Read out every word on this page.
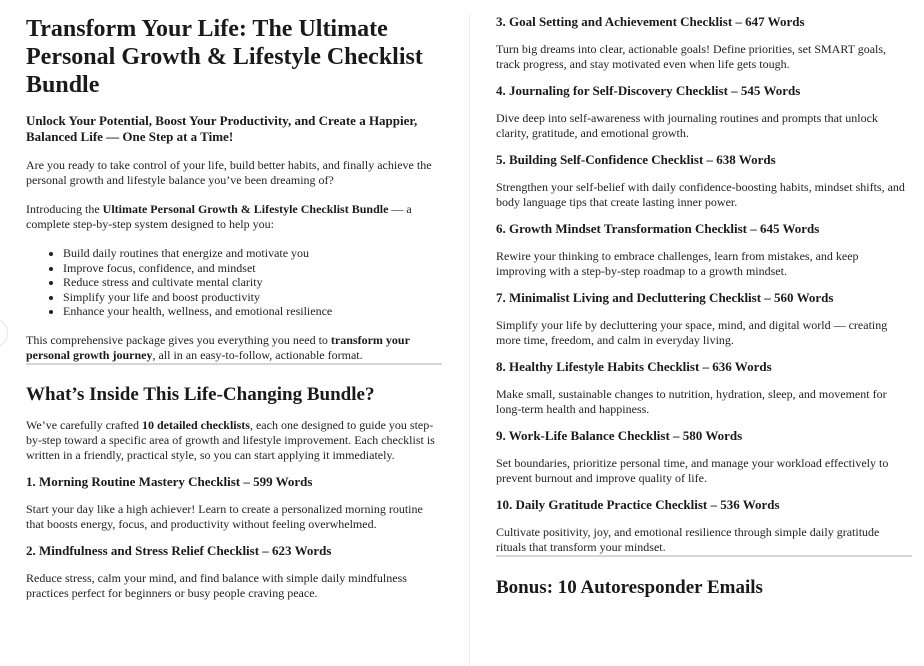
Transform Your Life: The Ultimate Personal Growth & Lifestyle Checklist Bundle
Unlock Your Potential, Boost Your Productivity, and Create a Happier, Balanced Life — One Step at a Time!

Are you ready to take control of your life, build better habits, and finally achieve the personal growth and lifestyle balance you’ve been dreaming of?

Introducing the Ultimate Personal Growth & Lifestyle Checklist Bundle — a complete step-by-step system designed to help you:

• Build daily routines that energize and motivate you
• Improve focus, confidence, and mindset
• Reduce stress and cultivate mental clarity
• Simplify your life and boost productivity
• Enhance your health, wellness, and emotional resilience

This comprehensive package gives you everything you need to transform your personal growth journey, all in an easy-to-follow, actionable format.

What’s Inside This Life-Changing Bundle?

We’ve carefully crafted 10 detailed checklists, each one designed to guide you step-by-step toward a specific area of growth and lifestyle improvement. Each checklist is written in a friendly, practical style, so you can start applying it immediately.

1. Morning Routine Mastery Checklist – 599 Words

Start your day like a high achiever! Learn to create a personalized morning routine that boosts energy, focus, and productivity without feeling overwhelmed.

2. Mindfulness and Stress Relief Checklist – 623 Words

Reduce stress, calm your mind, and find balance with simple daily mindfulness practices perfect for beginners or busy people craving peace.

3. Goal Setting and Achievement Checklist – 647 Words

Turn big dreams into clear, actionable goals! Define priorities, set SMART goals, track progress, and stay motivated even when life gets tough.

4. Journaling for Self-Discovery Checklist – 545 Words

Dive deep into self-awareness with journaling routines and prompts that unlock clarity, gratitude, and emotional growth.

5. Building Self-Confidence Checklist – 638 Words

Strengthen your self-belief with daily confidence-boosting habits, mindset shifts, and body language tips that create lasting inner power.

6. Growth Mindset Transformation Checklist – 645 Words

Rewire your thinking to embrace challenges, learn from mistakes, and keep improving with a step-by-step roadmap to a growth mindset.

7. Minimalist Living and Decluttering Checklist – 560 Words

Simplify your life by decluttering your space, mind, and digital world — creating more time, freedom, and calm in everyday living.

8. Healthy Lifestyle Habits Checklist – 636 Words

Make small, sustainable changes to nutrition, hydration, sleep, and movement for long-term health and happiness.

9. Work-Life Balance Checklist – 580 Words

Set boundaries, prioritize personal time, and manage your workload effectively to prevent burnout and improve quality of life.

10. Daily Gratitude Practice Checklist – 536 Words

Cultivate positivity, joy, and emotional resilience through simple daily gratitude rituals that transform your mindset.

Bonus: 10 Autoresponder Emails
